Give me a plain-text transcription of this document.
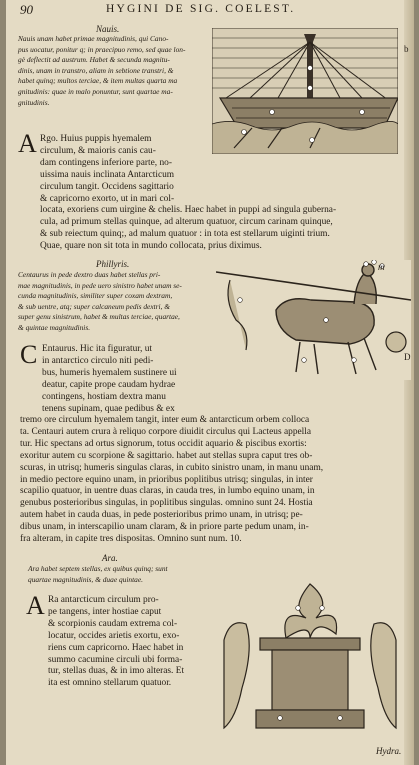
90	HYGINI DE SIG. COELEST.
Nauis.
Nauis unam habet primae magnitudinis, qui Cano-
pus uocatur, ponitur q; in praecipuo remo, sed quae lon-
gè deflectit ad austrum. Habet & secunda magnitu-
dinis, unam in transtro, aliam in sebtione transtri, &
habet quinq; multos terciae, & item multas quarta ma
gnitudinis: quae in malo ponuntur, sunt quartae ma-
gnitudinis.
b
A Rgo. Huius puppis hyemalem
circulum, & maioris canis cau-
dam contingens inferiore parte, no-
uissima nauis inclinata Antarcticum
circulum tangit. Occidens sagittario
& capricorno exorto, ut in mari col-
locata, exoriens cum uirgine & chelis. Haec habet in puppi ad singula guberna-
cula, ad primum stellas quinque, ad alterum quatuor, circum carinam quinque,
& sub reiectum quinq;, ad malum quatuor : in tota est stellarum uiginti trium.
Quae, quare non sit tota in mundo collocata, prius diximus.
Phillyris.
Centaurus in pede dextro duas habet stellas pri-
mae magnitudinis, in pede uero sinistro habet unam se-
cunda magnitudinis, similiter super coxam dextram,
& sub uentre, atq; super calcaneum pedis dextri, &
super genu sinistrum, habet & multas terciae, quartae,
& quintae magnitudinis.
m
D
C Entaurus. Hic ita figuratur, ut
in antarctico circulo niti pedi-
bus, humeris hyemalem sustinere ui
deatur, capite prope caudam hydrae
contingens, hostiam dextra manu
tenens supinam, quae pedibus & ex
tremo ore circulum hyemalem tangit, inter eum & antarcticum orbem colloca
ta. Centauri autem crura à reliquo corpore diuidit circulus qui Lacteus appella
tur. Hic spectans ad ortus signorum, totus occidit aquario & piscibus exortis:
exoritur autem cu scorpione & sagittario. habet aut stellas supra caput tres ob-
scuras, in utrisq; humeris singulas claras, in cubito sinistro unam, in manu unam,
in medio pectore equino unam, in prioribus poplitibus utrisq; singulas, in inter
scapilio quatuor, in uentre duas claras, in cauda tres, in lumbo equino unam, in
genubus posterioribus singulas, in poplitibus singulas. omnino sunt 24. Hostia
autem habet in cauda duas, in pede posterioribus primo unam, in utrisq; pe-
dibus unam, in interscapilio unam claram, & in priore parte pedum unam, in-
fra alteram, in capite tres dispositas. Omnino sunt num. 10.
Ara.
Ara habet septem stellas, ex quibus quinq; sunt
quartae magnitudinis, & duae quintae.
A Ra antarcticum circulum pro-
pe tangens, inter hostiae caput
& scorpionis caudam extrema col-
locatur, occides arietis exortu, exo-
riens cum capricorno. Haec habet in
summo cacumine circuli ubi forma-
tur, stellas duas, & in imo alteras. Et
ita est omnino stellarum quatuor.
Hydra.
